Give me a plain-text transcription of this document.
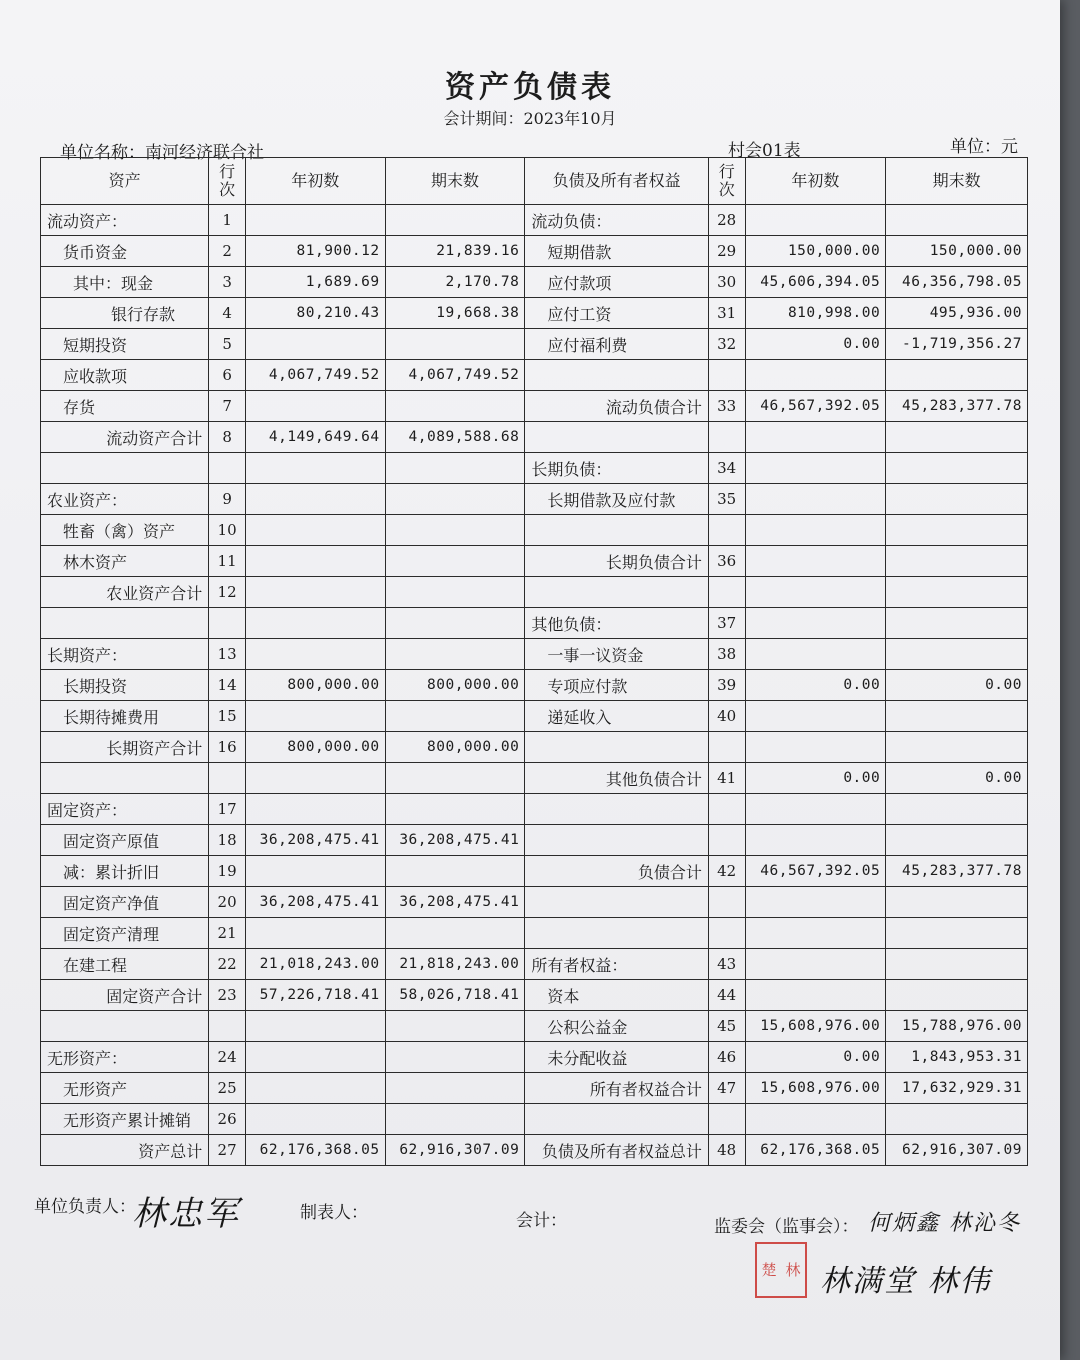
资产负债表
会计期间：2023年10月
单位名称：南河经济联合社	村会01表	单位：元
资产	行次	年初数	期末数	负债及所有者权益	行次	年初数	期末数
流动资产：	1			流动负债：	28		
货币资金	2	81,900.12	21,839.16	短期借款	29	150,000.00	150,000.00
其中：现金	3	1,689.69	2,170.78	应付款项	30	45,606,394.05	46,356,798.05
银行存款	4	80,210.43	19,668.38	应付工资	31	810,998.00	495,936.00
短期投资	5			应付福利费	32	0.00	-1,719,356.27
应收款项	6	4,067,749.52	4,067,749.52				
存货	7			流动负债合计	33	46,567,392.05	45,283,377.78
流动资产合计	8	4,149,649.64	4,089,588.68				
				长期负债：	34		
农业资产：	9			长期借款及应付款	35		
牲畜（禽）资产	10						
林木资产	11			长期负债合计	36		
农业资产合计	12						
				其他负债：	37		
长期资产：	13			一事一议资金	38		
长期投资	14	800,000.00	800,000.00	专项应付款	39	0.00	0.00
长期待摊费用	15			递延收入	40		
长期资产合计	16	800,000.00	800,000.00				
				其他负债合计	41	0.00	0.00
固定资产：	17						
固定资产原值	18	36,208,475.41	36,208,475.41				
减：累计折旧	19			负债合计	42	46,567,392.05	45,283,377.78
固定资产净值	20	36,208,475.41	36,208,475.41				
固定资产清理	21						
在建工程	22	21,018,243.00	21,818,243.00	所有者权益：	43		
固定资产合计	23	57,226,718.41	58,026,718.41	资本	44		
				公积公益金	45	15,608,976.00	15,788,976.00
无形资产：	24			未分配收益	46	0.00	1,843,953.31
无形资产	25			所有者权益合计	47	15,608,976.00	17,632,929.31
无形资产累计摊销	26						
资产总计	27	62,176,368.05	62,916,307.09	负债及所有者权益总计	48	62,176,368.05	62,916,307.09
单位负责人：
林忠军	制表人：	会计：	监委会（监事会）： 何炳鑫 林沁冬
楚 林 林满堂 林伟
